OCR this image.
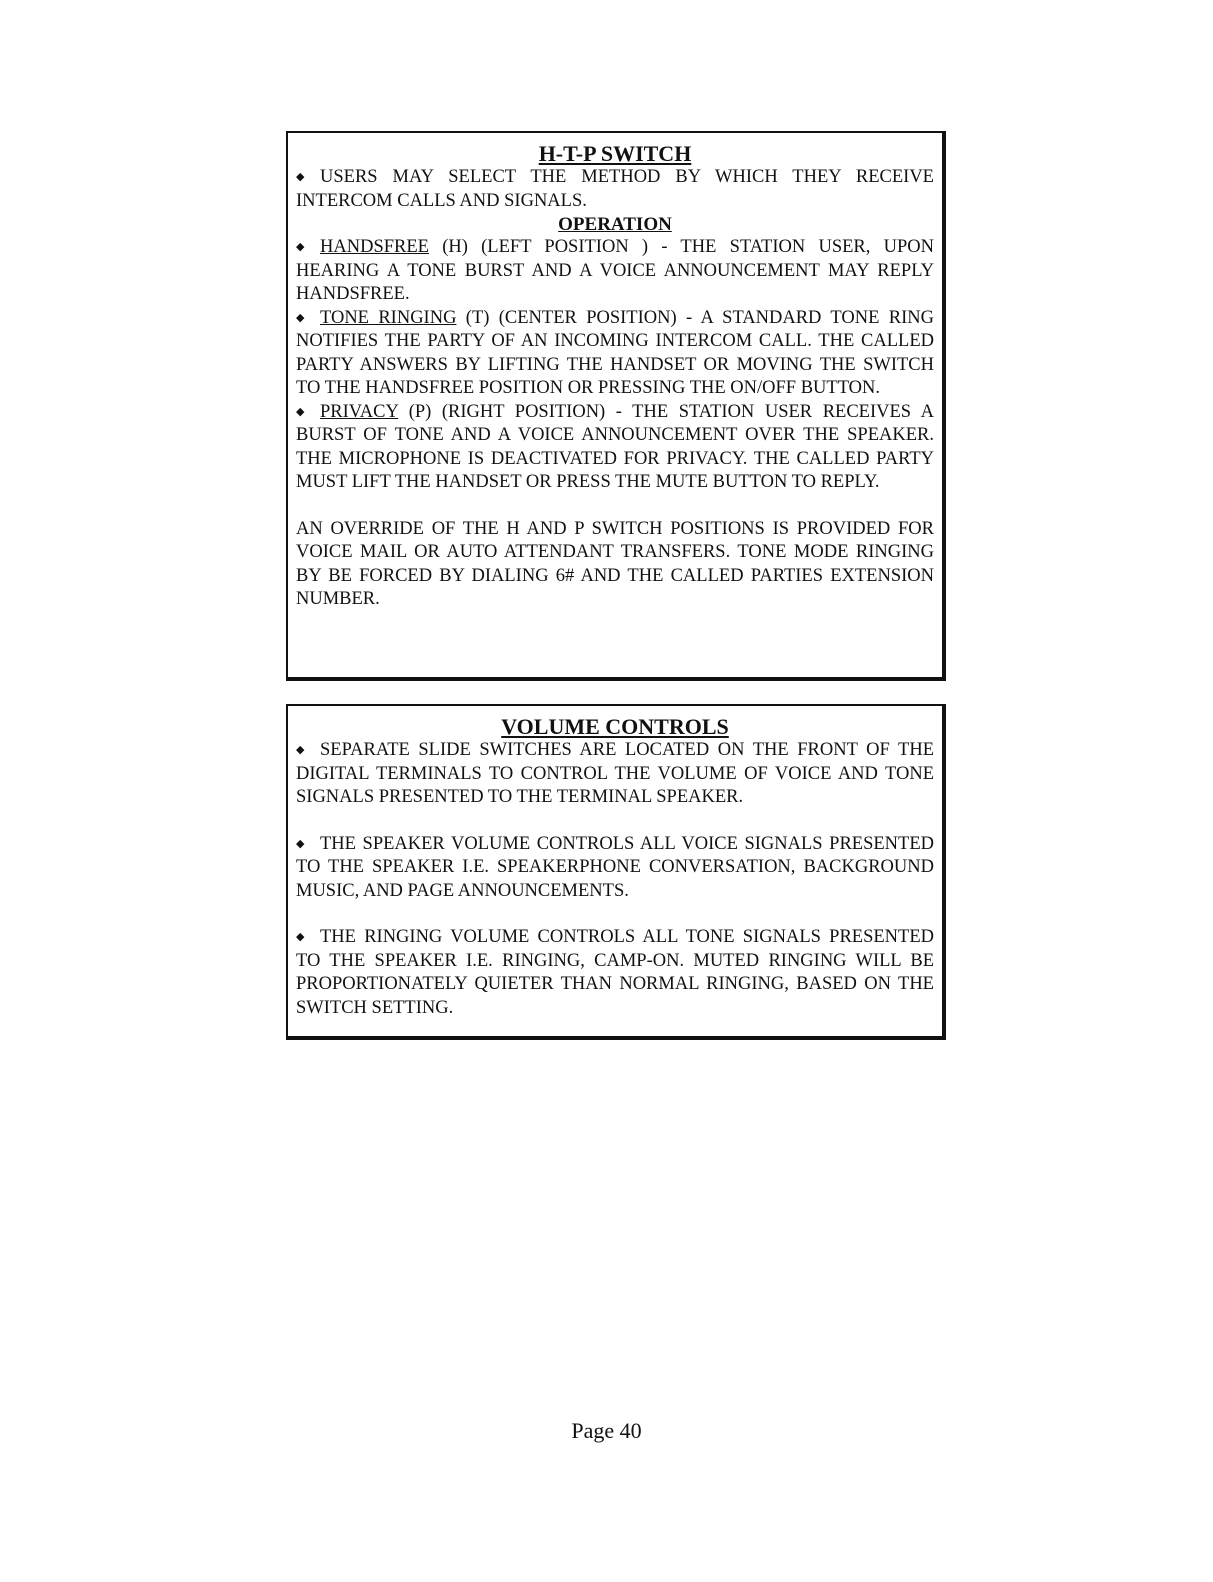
H-T-P SWITCH

◆ USERS MAY SELECT THE METHOD BY WHICH THEY RECEIVE INTERCOM CALLS AND SIGNALS.

OPERATION

◆ HANDSFREE (H) (LEFT POSITION ) - THE STATION USER, UPON HEARING A TONE BURST AND A VOICE ANNOUNCEMENT MAY REPLY HANDSFREE.

◆ TONE RINGING (T) (CENTER POSITION) - A STANDARD TONE RING NOTIFIES THE PARTY OF AN INCOMING INTERCOM CALL. THE CALLED PARTY ANSWERS BY LIFTING THE HANDSET OR MOVING THE SWITCH TO THE HANDSFREE POSITION OR PRESSING THE ON/OFF BUTTON.

◆ PRIVACY (P) (RIGHT POSITION) - THE STATION USER RECEIVES A BURST OF TONE AND A VOICE ANNOUNCEMENT OVER THE SPEAKER. THE MICROPHONE IS DEACTIVATED FOR PRIVACY. THE CALLED PARTY MUST LIFT THE HANDSET OR PRESS THE MUTE BUTTON TO REPLY.

AN OVERRIDE OF THE H AND P SWITCH POSITIONS IS PROVIDED FOR VOICE MAIL OR AUTO ATTENDANT TRANSFERS. TONE MODE RINGING BY BE FORCED BY DIALING 6# AND THE CALLED PARTIES EXTENSION NUMBER.

VOLUME CONTROLS

◆ SEPARATE SLIDE SWITCHES ARE LOCATED ON THE FRONT OF THE DIGITAL TERMINALS TO CONTROL THE VOLUME OF VOICE AND TONE SIGNALS PRESENTED TO THE TERMINAL SPEAKER.

◆ THE SPEAKER VOLUME CONTROLS ALL VOICE SIGNALS PRESENTED TO THE SPEAKER I.E. SPEAKERPHONE CONVERSATION, BACKGROUND MUSIC, AND PAGE ANNOUNCEMENTS.

◆ THE RINGING VOLUME CONTROLS ALL TONE SIGNALS PRESENTED TO THE SPEAKER I.E. RINGING, CAMP-ON. MUTED RINGING WILL BE PROPORTIONATELY QUIETER THAN NORMAL RINGING, BASED ON THE SWITCH SETTING.

Page 40
